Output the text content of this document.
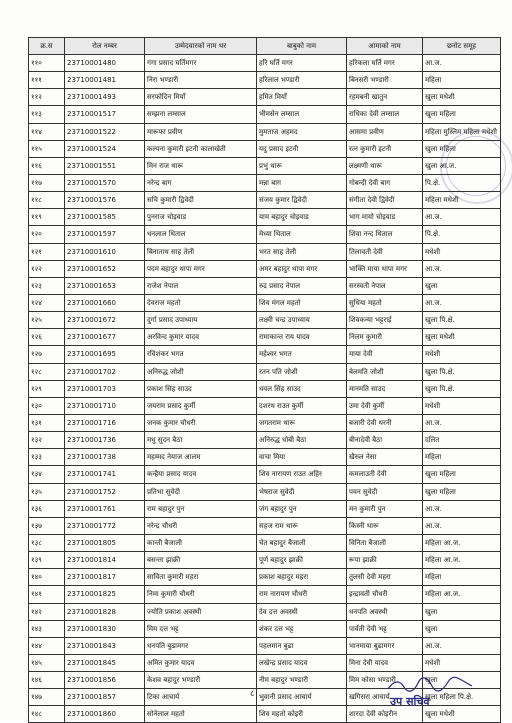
क्र.स	रोल नम्बर	उम्मेदवारको नाम थर	बाबुको नाम	आमाको नाम	छनोट समूह
११०	23710001480	गंगा प्रसाद घर्तिमगर	हरि घर्ति मगर	हरिकला घर्ति मगर	आ.ज.
१११	23710001481	निरा भण्डारी	हरिलाल भण्डारी	बिनसरी भण्डारी	महिला
११२	23710001493	सरफोदिन मियाँ	हमित मियाँ	रहमबनी खातुन	खुला मधेशी
११३	23710001517	सम्झना लम्साल	भीमसेन लम्साल	राधिका देवी लम्साल	खुला महिला
११४	23710001522	मारूफा प्रवीण	मुमताज अहमद	आसमा प्रवीण	महिला मुस्लिम महिला मधेशी
११५	23710001524	कल्पना कुमारी इटनी कालाखेती	यदु प्रसाद इटनी	रत्न कुमारी इटनी	खुला महिला
११६	23710001551	मिन राज थारू	प्रभु थारू	लक्ष्मणी थारू	खुला आ.ज.
११७	23710001570	नरेन्द्र बाग	मन्ना बाग	गोबन्दी देवी बाग	पि.क्षे.
११८	23710001576	सचि कुमारी द्विवेदी	संजय कुमार द्विवेदी	संगीता देवी द्विवेदी	महिला मधेशी
११९	23710001585	पुनराज चोइवाड	याम बहादुर चोइवाड	भाग मायो चोइवाड	आ.ज.
१२०	23710001597	धनलाल थिताल	मेध्या थिताल	शिवा नन्द थिताल	पि.क्षे.
१२१	23710001610	बिनाताथ साह तेली	भरत साह तेली	तिलावती देवी	मधेशी
१२२	23710001652	पदम बहादुर थापा मगर	अमर बहादुर थापा मगर	भाक्ति माया थापा मगर	आ.ज.
१२३	23710001653	राजेश नेपाल	रुद्र प्रसाद नेपाल	सरस्वती नेपाल	खुला
१२४	23710001660	देवराज महतो	शिव मंगल महतो	सुधिया महतो	आ.ज.
१२५	23710001672	दुर्गा प्रसाद उपाध्याय	लक्ष्मी चन्द्र उपाध्याय	शिवकन्या भट्टराई	खुला पि.क्षे.
१२६	23710001677	अरविन्द कुमार यादव	रामाकान्त राय यादव	निलम कुमारी	खुला मधेशी
१२७	23710001695	रविशंकर भगत	महेश्वर भगत	माया देवी	मधेशी
१२८	23710001702	अनिरुद्ध जोशी	रतन पति जोशी	बेलमति जोशी	खुला पि.क्षे.
१२९	23710001703	प्रकाश सिंह साउद	धवल सिंह साउद	मानमति साउद	खुला पि.क्षे.
१३०	23710001710	जयराम प्रसाद कुर्मी	दशरथ राउत कुर्मी	उमा देवी कुर्मी	मधेशी
१३१	23710001716	जनक कुमार चौधरी	जगतराम थारू	बजारी देवी थरनी	आ.ज.
१३२	23710001736	मधु सुदन बैठा	अनिरुद्ध धोबी बैठा	बीनादेवी बैठा	दलित
१३३	23710001738	महम्मद नेयाज आलम	वाचा मिया	खैरुल नेसा	महिला
१३४	23710001741	कन्हैया प्रसाद यादव	शिव नारायण राउत अहिर	कमलाउती देवी	खुला महिला
१३५	23710001752	प्रतिभा सुवेदी	भेषराज सुवेदी	पवन सुवेदी	खुला महिला
१३६	23710001761	राम बहादुर पुन	जंग बहादुर पुन	मन कुमारी पुन	आ.ज.
१३७	23710001772	नरेन्द्र चौधरी	सहज राम थारू	किस्नी थारू	आ.ज.
१३८	23710001805	कान्ती बैजाली	चेत बहादुर बैजाली	विनिता बैजाली	महिला आ.ज.
१३९	23710001814	बसन्ता झाक्री	पूर्ण बहादुर झाक्री	रूपा झाक्री	महिला आ.ज.
१४०	23710001817	साविता कुमारी महरा	प्रकाश बहादुर महरा	तुलसी देवी महरा	महिला
१४१	23710001825	निमा कुमारी चौधरी	राम नारायण चौधरी	इन्द्रावती चौधरी	महिला आ.ज.
१४२	23710001828	ज्योति प्रकाश अवस्थी	देव दत्त अवस्थी	धनपति अवस्थी	खुला
१४३	23710001830	मिम दत्त भट्ट	शंकर दत्त भट्ट	पार्वती देवी भट्ट	खुला
१४४	23710001843	धनपति बुढामगर	पहलमान बुढा	भानमाया बुढामगर	आ.ज.
१४५	23710001845	अमित कुमार यादव	लखेन्द्र प्रसाद यादव	मिना देवी यादव	मधेशी
१४६	23710001856	केशव बहादुर भण्डारी	नीम बहादुर भण्डारी	मिम कोसा भण्डारी	खुला
१४७	23710001857	टिका आचार्य	भुवानी प्रसाद आचार्य	खगिसरा आचार्य	खुला महिला पि.क्षे.
१४८	23710001860	सोनेलाल महतो	शिव महतो कोइरी	शारदा देवी कोइरीन	खुला मधेशी
८
उप सचिव
